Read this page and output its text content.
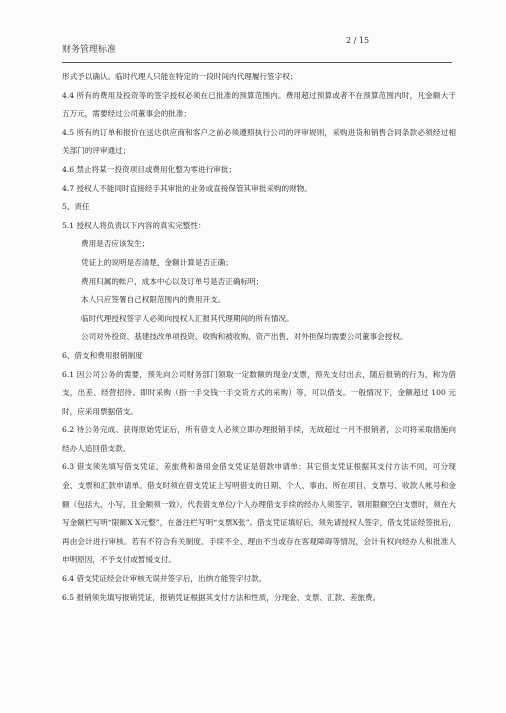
财务管理标准
2 / 15

形式予以确认。临时代理人只能在特定的一段时间内代理履行签字权；

4.4 所有的费用及投资等的签字授权必须在已批准的预算范围内。费用超过预算或者不在预算范围内时，凡金额大于五万元，需要经过公司董事会的批准；

4.5 所有的订单和报价在送达供应商和客户之前必须遵照执行公司的评审规则，采购进货和销售合同条款必须经过相关部门的评审通过；

4.6 禁止将某一投资项目或费用化整为零进行审批；

4.7 授权人不能同时直接经手其审批的业务或直接保管其审批采购的财物。

5、责任

5.1 授权人将负责以下内容的真实完整性：

费用是否应该发生；

凭证上的说明是否清楚，金额计算是否正确；

费用归属的帐户，成本中心以及订单号是否正确标明；

本人只应签署自己权限范围内的费用开支。

临时代理授权签字人必须向授权人汇报其代理期间的所有情况。

公司对外投资、基建技改单项投资、收购和被收购、资产出售、对外担保均需要公司董事会授权。

6、借支和费用报销制度

6.1 因公司公务的需要，预先向公司财务部门领取一定数额的现金/支票，预先支付出去，随后报销的行为，称为借支，出差、经营招待、即时采购（指一手交钱一手交货方式的采购）等，可以借支。一般情况下，金额超过 100 元时，应采用票据借支。

6.2 待公务完成、获得原始凭证后，所有借支人必须立即办理报销手续，无故超过一月不报销者，公司将采取措施向经办人追回借支款。

6.3 借支须先填写借支凭证，差旅费和备用金借支凭证是借款申请单；其它借支凭证根据其支付方法不同，可分现金、支票和汇款申请单。借支时须在借支凭证上写明借支的日期、个人、事由、所在项目、支票号、收款人帐号和金额（包括大、小写，且金额须一致），代表借支单位/个人办理借支手续的经办人须签字。领用限额空白支票时，须在大写金额栏写明“限额X X元整”，在备注栏写明“支票X张”。借支凭证填好后，须先请授权人签字，借支凭证经签批后，再由会计进行审核。若有不符合有关制度、手续不全、理由不当或存在客观障碍等情况，会计有权向经办人和批准人申明原因，不予支付或暂缓支付。

6.4 借支凭证经会计审核无误并签字后，出纳方能签字付款。

6.5 报销须先填写报销凭证，报销凭证根据其支付方法和性质，分现金、支票、汇款、差旅费。
